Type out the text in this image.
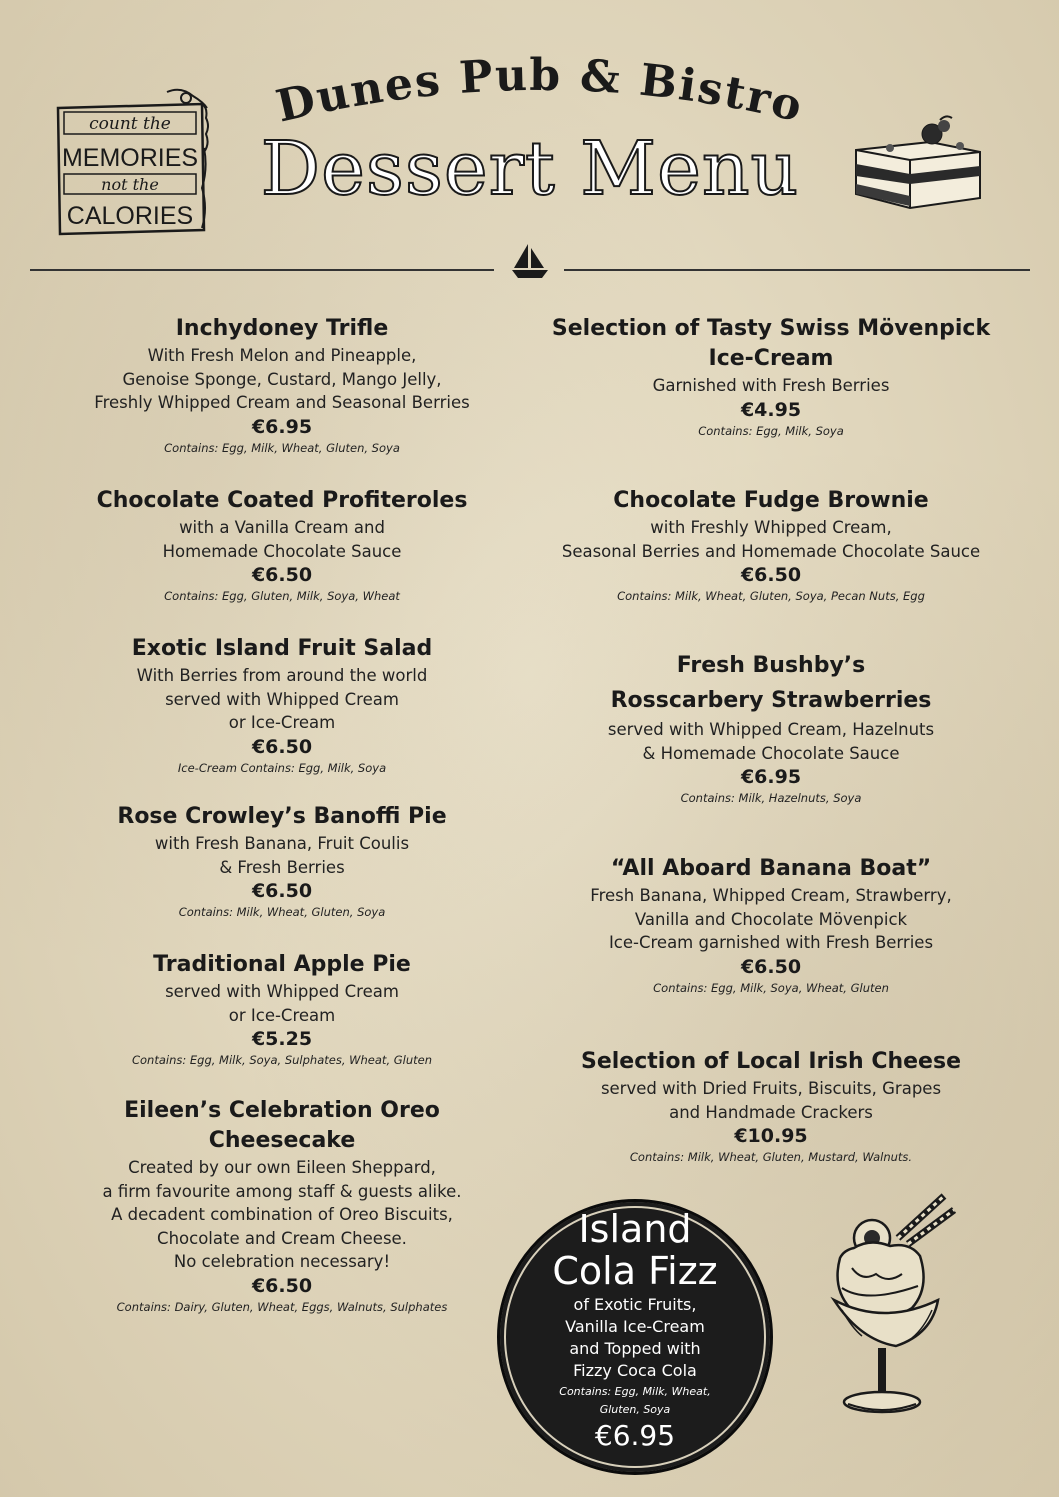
count the
MEMORIES
not the
CALORIES
Dunes Pub & Bistro
Dessert Menu
Inchydoney Trifle
With Fresh Melon and Pineapple,
Genoise Sponge, Custard, Mango Jelly,
Freshly Whipped Cream and Seasonal Berries
€6.95
Contains: Egg, Milk, Wheat, Gluten, Soya
Chocolate Coated Profiteroles
with a Vanilla Cream and
Homemade Chocolate Sauce
€6.50
Contains: Egg, Gluten, Milk, Soya, Wheat
Exotic Island Fruit Salad
With Berries from around the world
served with Whipped Cream
or Ice-Cream
€6.50
Ice-Cream Contains: Egg, Milk, Soya
Rose Crowley’s Banoffi Pie
with Fresh Banana, Fruit Coulis
& Fresh Berries
€6.50
Contains: Milk, Wheat, Gluten, Soya
Traditional Apple Pie
served with Whipped Cream
or Ice-Cream
€5.25
Contains: Egg, Milk, Soya, Sulphates, Wheat, Gluten
Eileen’s Celebration Oreo
Cheesecake
Created by our own Eileen Sheppard,
a firm favourite among staff & guests alike.
A decadent combination of Oreo Biscuits,
Chocolate and Cream Cheese.
No celebration necessary!
€6.50
Contains: Dairy, Gluten, Wheat, Eggs, Walnuts, Sulphates
Selection of Tasty Swiss Mövenpick
Ice-Cream
Garnished with Fresh Berries
€4.95
Contains: Egg, Milk, Soya
Chocolate Fudge Brownie
with Freshly Whipped Cream,
Seasonal Berries and Homemade Chocolate Sauce
€6.50
Contains: Milk, Wheat, Gluten, Soya, Pecan Nuts, Egg
Fresh Bushby’s
Rosscarbery Strawberries
served with Whipped Cream, Hazelnuts
& Homemade Chocolate Sauce
€6.95
Contains: Milk, Hazelnuts, Soya
“All Aboard Banana Boat”
Fresh Banana, Whipped Cream, Strawberry,
Vanilla and Chocolate Mövenpick
Ice-Cream garnished with Fresh Berries
€6.50
Contains: Egg, Milk, Soya, Wheat, Gluten
Selection of Local Irish Cheese
served with Dried Fruits, Biscuits, Grapes
and Handmade Crackers
€10.95
Contains: Milk, Wheat, Gluten, Mustard, Walnuts.
Island
Cola Fizz
of Exotic Fruits,
Vanilla Ice-Cream
and Topped with
Fizzy Coca Cola
Contains: Egg, Milk, Wheat,
Gluten, Soya
€6.95
